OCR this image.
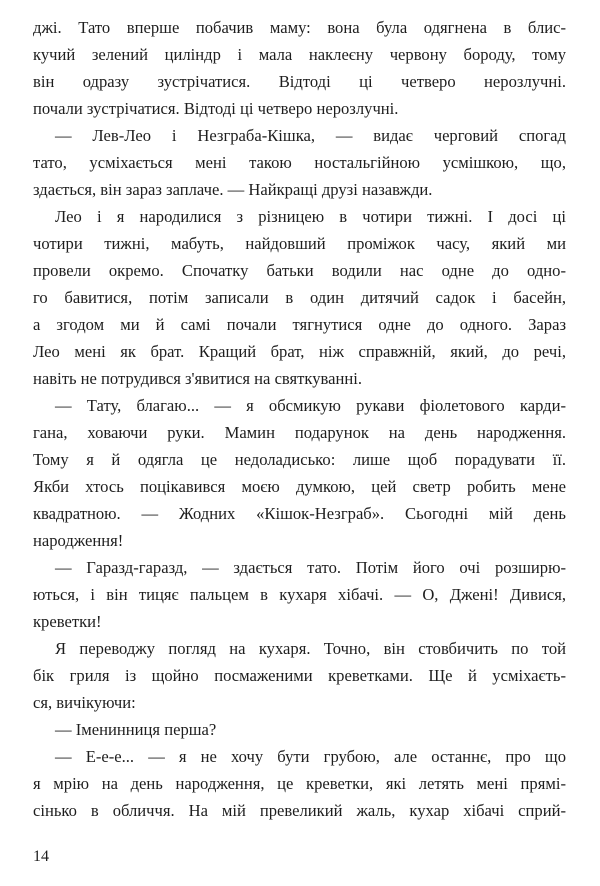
джі. Тато вперше побачив маму: вона була одягнена в блис-
кучий зелений циліндр і мала наклеєну червону бороду, тому
він одразу зустрічатися. Відтоді ці четверо нерозлучні.
почали зустрічатися. Відтоді ці четверо нерозлучні.
— Лев-Лео і Незграба-Кішка, — видає черговий спогад
тато, усміхається мені такою ностальгійною усмішкою, що,
здається, він зараз заплаче. — Найкращі друзі назавжди.
Лео і я народилися з різницею в чотири тижні. І досі ці
чотири тижні, мабуть, найдовший проміжок часу, який ми
провели окремо. Спочатку батьки водили нас одне до одно-
го бавитися, потім записали в один дитячий садок і басейн,
а згодом ми й самі почали тягнутися одне до одного. Зараз
Лео мені як брат. Кращий брат, ніж справжній, який, до речі,
навіть не потрудився з'явитися на святкуванні.
— Тату, благаю... — я обсмикую рукави фіолетового карди-
гана, ховаючи руки. Мамин подарунок на день народження.
Тому я й одягла це недоладисько: лише щоб порадувати її.
Якби хтось поцікавився моєю думкою, цей светр робить мене
квадратною. — Жодних «Кішок-Незграб». Сьогодні мій день
народження!
— Гаразд-гаразд, — здається тато. Потім його очі розширю-
ються, і він тицяє пальцем в кухаря хібачі. — О, Джені! Дивися,
креветки!
Я переводжу погляд на кухаря. Точно, він стовбичить по той
бік гриля із щойно посмаженими креветками. Ще й усміхаєть-
ся, вичікуючи:
— Іменинниця перша?
— Е-е-е... — я не хочу бути грубою, але останнє, про що
я мрію на день народження, це креветки, які летять мені прямі-
сінько в обличчя. На мій превеликий жаль, кухар хібачі сприй-
14
